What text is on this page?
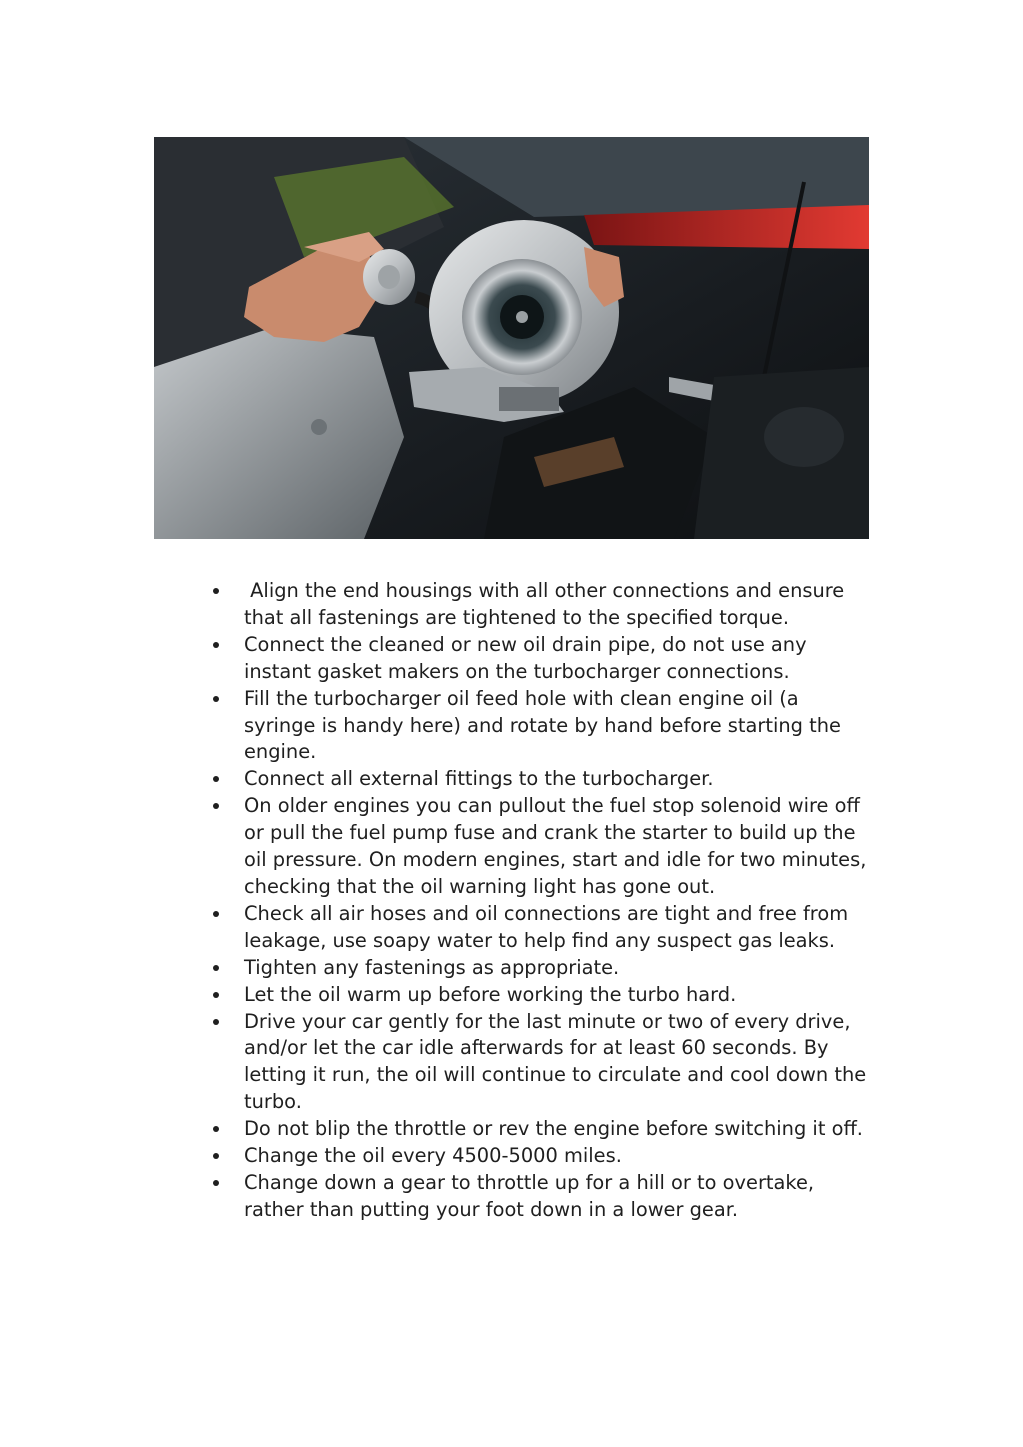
Align the end housings with all other connections and ensure that all fastenings are tightened to the specified torque.
Connect the cleaned or new oil drain pipe, do not use any instant gasket makers on the turbocharger connections.
Fill the turbocharger oil feed hole with clean engine oil (a syringe is handy here) and rotate by hand before starting the engine.
Connect all external fittings to the turbocharger.
On older engines you can pullout the fuel stop solenoid wire off or pull the fuel pump fuse and crank the starter to build up the oil pressure. On modern engines, start and idle for two minutes, checking that the oil warning light has gone out.
Check all air hoses and oil connections are tight and free from leakage, use soapy water to help find any suspect gas leaks.
Tighten any fastenings as appropriate.
Let the oil warm up before working the turbo hard.
Drive your car gently for the last minute or two of every drive, and/or let the car idle afterwards for at least 60 seconds. By letting it run, the oil will continue to circulate and cool down the turbo.
Do not blip the throttle or rev the engine before switching it off.
Change the oil every 4500-5000 miles.
Change down a gear to throttle up for a hill or to overtake, rather than putting your foot down in a lower gear.
